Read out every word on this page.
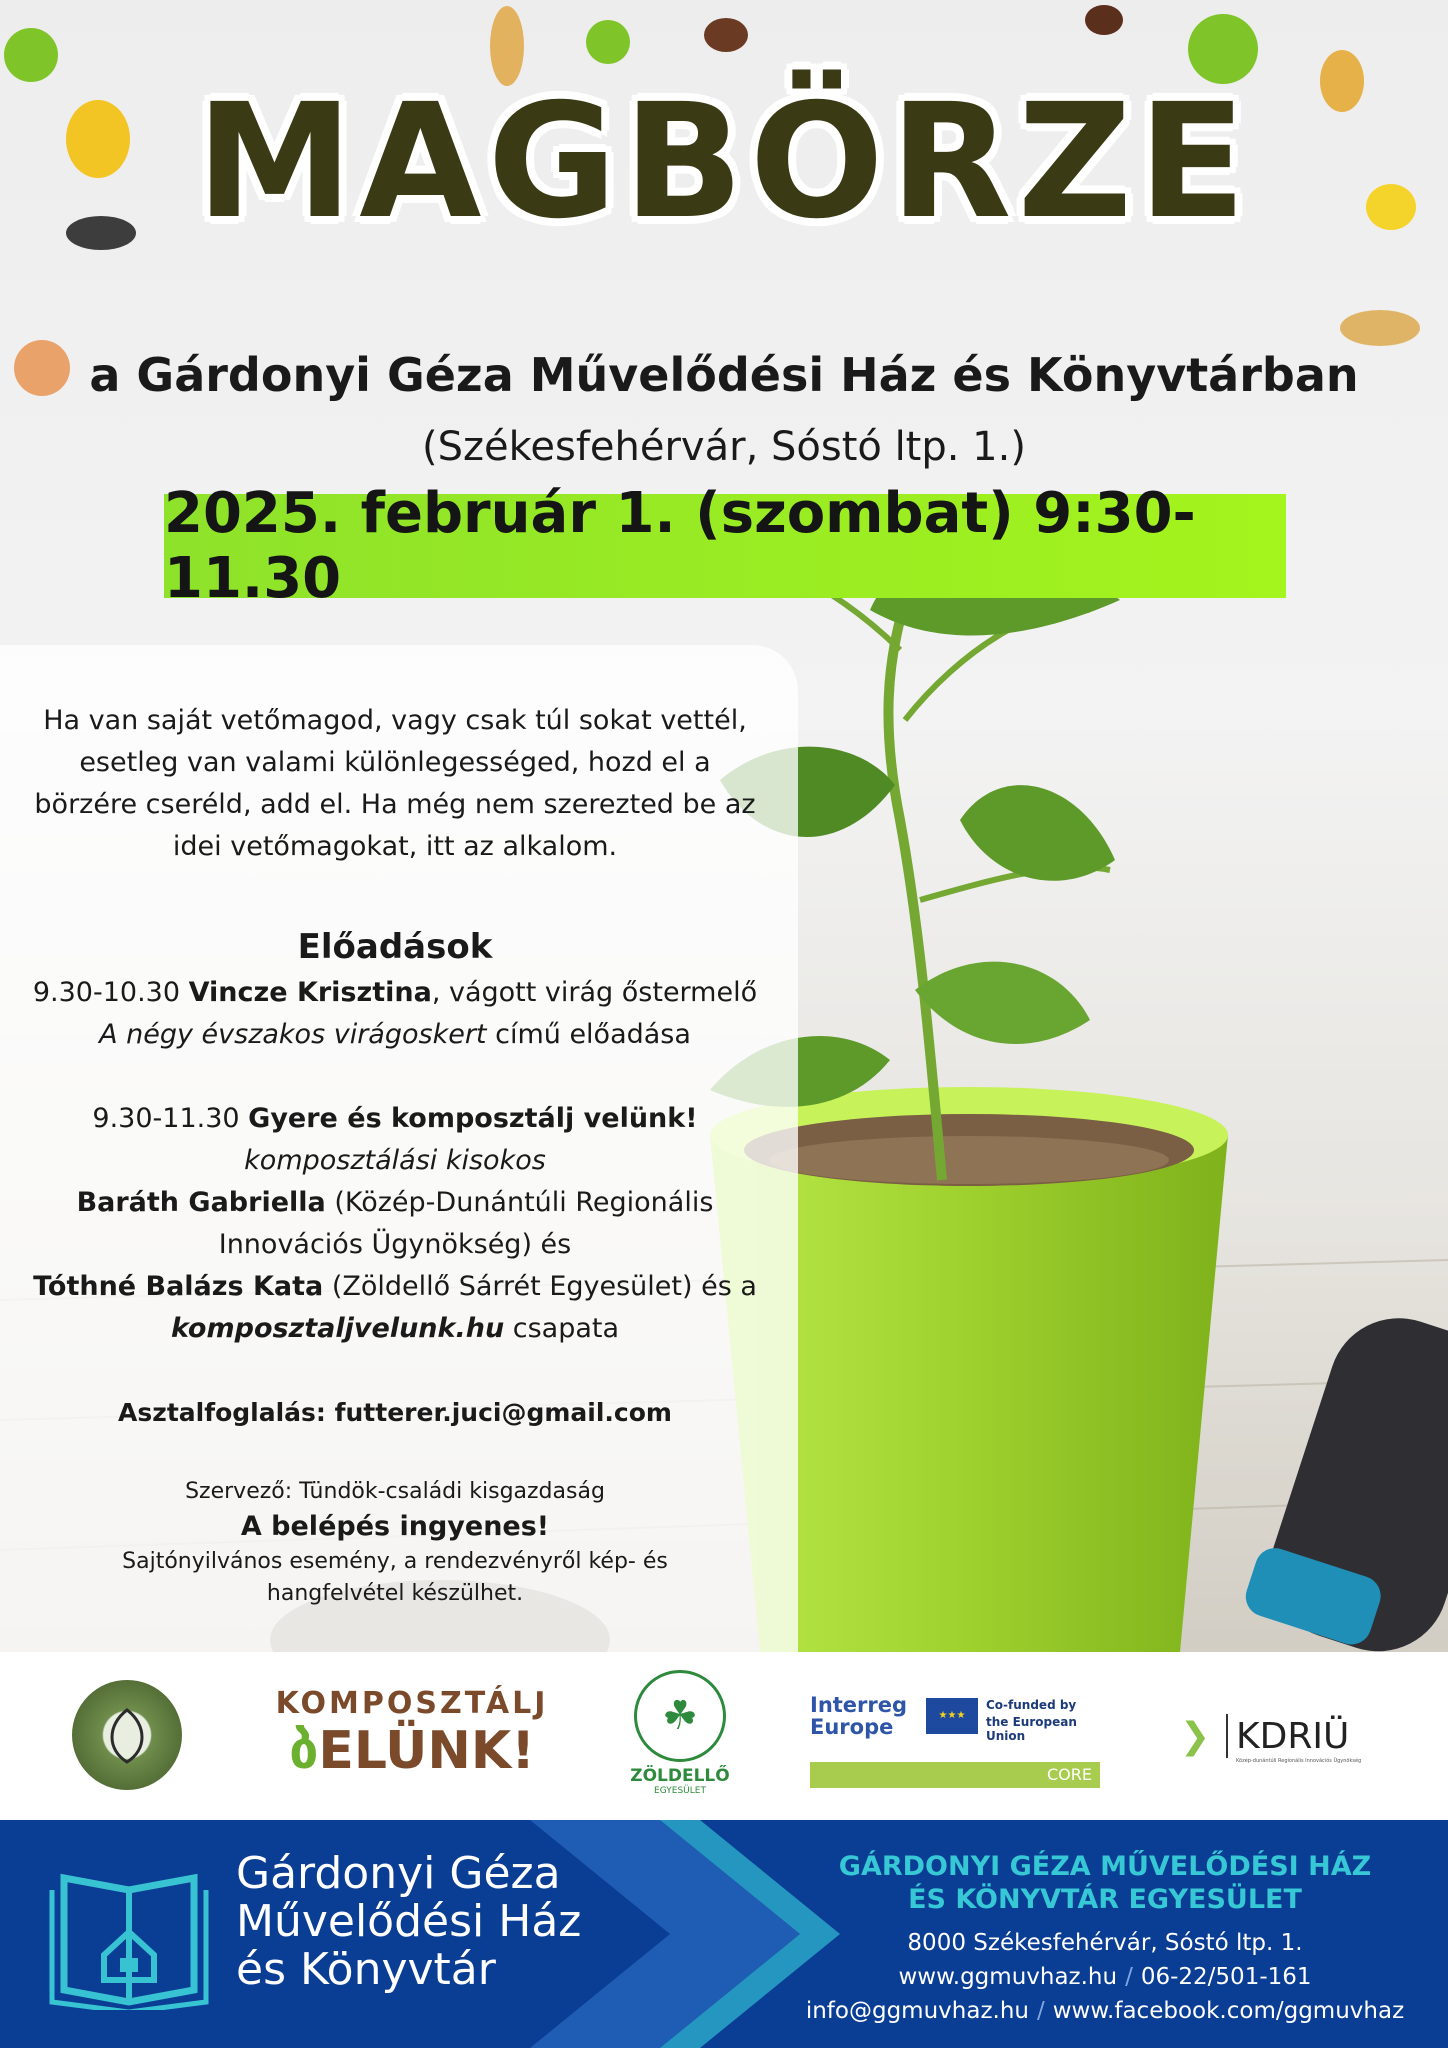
MAGBÖRZE
a Gárdonyi Géza Művelődési Ház és Könyvtárban
(Székesfehérvár, Sóstó ltp. 1.)
2025. február 1. (szombat) 9:30-11.30

Ha van saját vetőmagod, vagy csak túl sokat vettél,

esetleg van valami különlegességed, hozd el a

börzére cseréld, add el. Ha még nem szerezted be az

idei vetőmagokat, itt az alkalom.

Előadások

9.30-10.30 Vincze Krisztina, vágott virág őstermelő

A négy évszakos virágoskert című előadása

9.30-11.30 Gyere és komposztálj velünk!

komposztálási kisokos

Baráth Gabriella (Közép-Dunántúli Regionális

Innovációs Ügynökség) és

Tóthné Balázs Kata (Zöldellő Sárrét Egyesület) és a

komposztaljvelunk.hu csapata

Asztalfoglalás: futterer.juci@gmail.com

Szervező: Tündök-családi kisgazdaság

A belépés ingyenes!

Sajtónyilvános esemény, a rendezvényről kép- és hangfelvétel készülhet.

KOMPOSZTÁLJ
ბELÜNK!
☘
ZÖLDELLŐ
EGYESÜLET
Interreg
Europe	★★★
Co-funded by
the European Union
CORE
❯ KDRIÜ
Közép-dunántúli Regionális Innovációs Ügynökség
Gárdonyi Géza
Művelődési Ház
és Könyvtár
GÁRDONYI GÉZA MŰVELŐDÉSI HÁZ
ÉS KÖNYVTÁR EGYESÜLET
8000 Székesfehérvár, Sóstó ltp. 1.
www.ggmuvhaz.hu / 06-22/501-161
info@ggmuvhaz.hu / www.facebook.com/ggmuvhaz
